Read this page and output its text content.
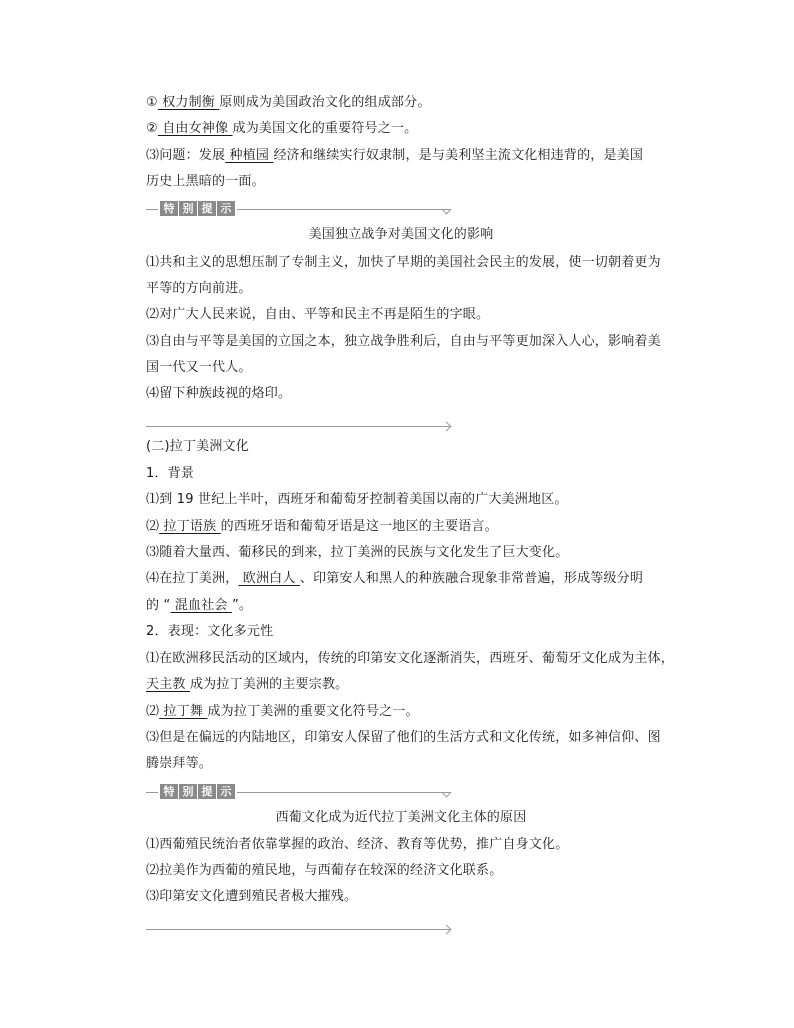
① 权力制衡 原则成为美国政治文化的组成部分。
② 自由女神像 成为美国文化的重要符号之一。
⑶问题：发展 种植园 经济和继续实行奴隶制，是与美利坚主流文化相违背的，是美国
历史上黑暗的一面。
特 别 提 示
美国独立战争对美国文化的影响
⑴共和主义的思想压制了专制主义，加快了早期的美国社会民主的发展，使一切朝着更为
平等的方向前进。
⑵对广大人民来说，自由、平等和民主不再是陌生的字眼。
⑶自由与平等是美国的立国之本，独立战争胜利后，自由与平等更加深入人心，影响着美
国一代又一代人。
⑷留下种族歧视的烙印。
(二)拉丁美洲文化
1．背景
⑴到 19 世纪上半叶，西班牙和葡萄牙控制着美国以南的广大美洲地区。
⑵ 拉丁语族 的西班牙语和葡萄牙语是这一地区的主要语言。
⑶随着大量西、葡移民的到来，拉丁美洲的民族与文化发生了巨大变化。
⑷在拉丁美洲， 欧洲白人 、印第安人和黑人的种族融合现象非常普遍，形成等级分明
的 “ 混血社会 ”。
2．表现：文化多元性
⑴在欧洲移民活动的区域内，传统的印第安文化逐渐消失，西班牙、葡萄牙文化成为主体，
天主教 成为拉丁美洲的主要宗教。
⑵ 拉丁舞 成为拉丁美洲的重要文化符号之一。
⑶但是在偏远的内陆地区，印第安人保留了他们的生活方式和文化传统，如多神信仰、图
腾崇拜等。
特 别 提 示
西葡文化成为近代拉丁美洲文化主体的原因
⑴西葡殖民统治者依靠掌握的政治、经济、教育等优势，推广自身文化。
⑵拉美作为西葡的殖民地，与西葡存在较深的经济文化联系。
⑶印第安文化遭到殖民者极大摧残。
